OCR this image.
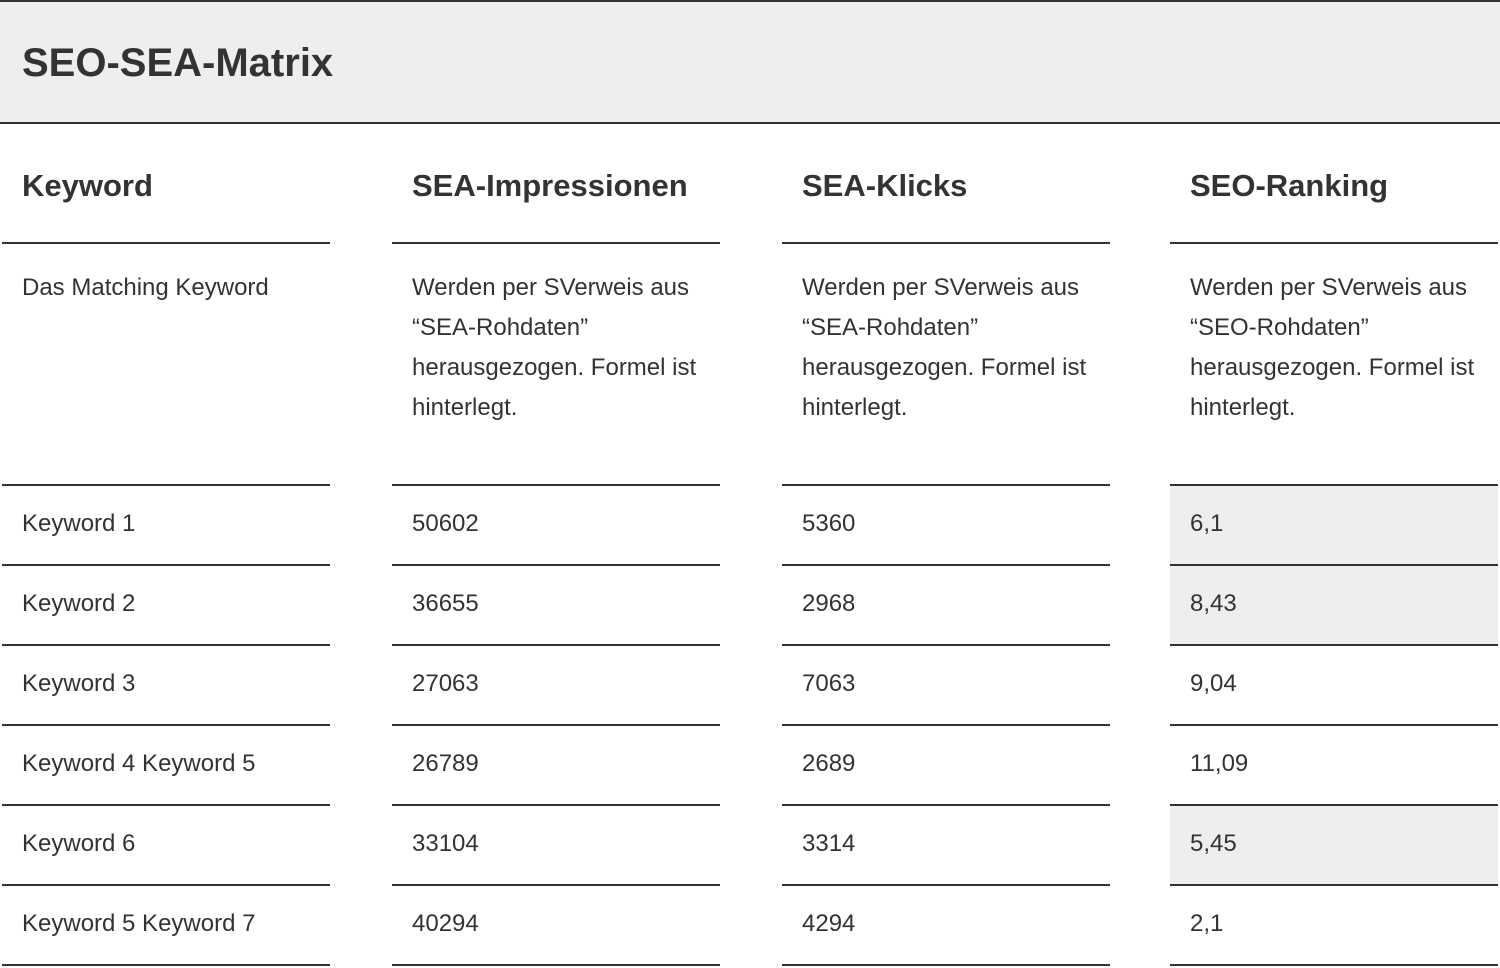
SEO-SEA-Matrix
Keyword

Das Matching Keyword

Keyword 1
Keyword 2
Keyword 3
Keyword 4 Keyword 5
Keyword 6
Keyword 5 Keyword 7
SEA-Impressionen

Werden per SVerweis aus “SEA-Rohdaten” herausgezogen. Formel ist hinterlegt.

50602
36655
27063
26789
33104
40294
SEA-Klicks

Werden per SVerweis aus “SEA-Rohdaten” herausgezogen. Formel ist hinterlegt.

5360
2968
7063
2689
3314
4294
SEO-Ranking

Werden per SVerweis aus “SEO-Rohdaten” herausgezogen. Formel ist hinterlegt.

6,1
8,43
9,04
11,09
5,45
2,1
